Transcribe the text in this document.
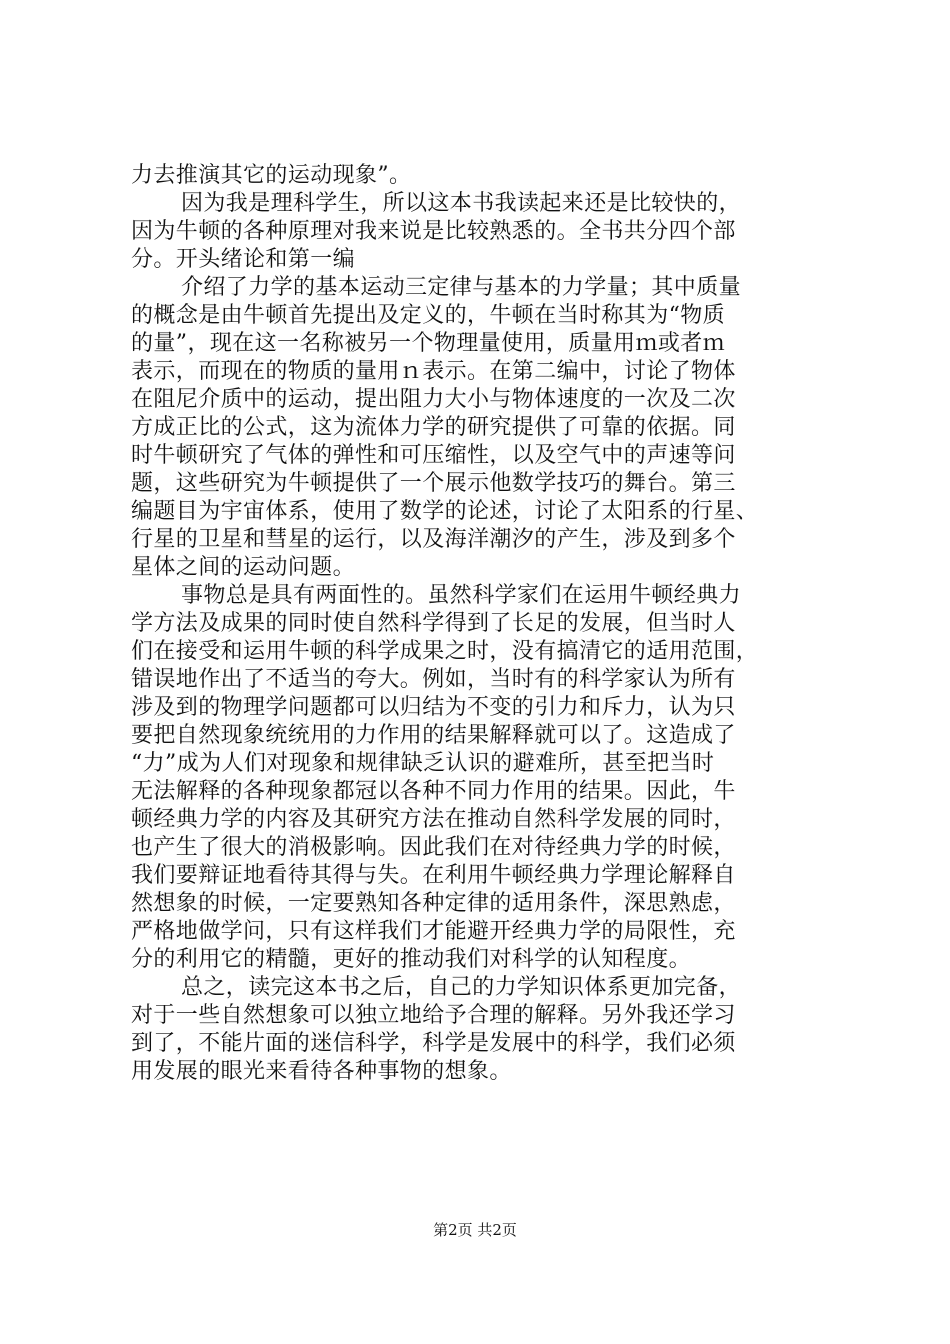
力去推演其它的运动现象”。
因为我是理科学生，所以这本书我读起来还是比较快的，
因为牛顿的各种原理对我来说是比较熟悉的。全书共分四个部
分。开头绪论和第一编
介绍了力学的基本运动三定律与基本的力学量；其中质量
的概念是由牛顿首先提出及定义的，牛顿在当时称其为“物质
的量”，现在这一名称被另一个物理量使用，质量用ｍ或者ｍ
表示，而现在的物质的量用ｎ表示。在第二编中，讨论了物体
在阻尼介质中的运动，提出阻力大小与物体速度的一次及二次
方成正比的公式，这为流体力学的研究提供了可靠的依据。同
时牛顿研究了气体的弹性和可压缩性，以及空气中的声速等问
题，这些研究为牛顿提供了一个展示他数学技巧的舞台。第三
编题目为宇宙体系，使用了数学的论述，讨论了太阳系的行星、
行星的卫星和彗星的运行，以及海洋潮汐的产生，涉及到多个
星体之间的运动问题。
事物总是具有两面性的。虽然科学家们在运用牛顿经典力
学方法及成果的同时使自然科学得到了长足的发展，但当时人
们在接受和运用牛顿的科学成果之时，没有搞清它的适用范围，
错误地作出了不适当的夸大。例如，当时有的科学家认为所有
涉及到的物理学问题都可以归结为不变的引力和斥力，认为只
要把自然现象统统用的力作用的结果解释就可以了。这造成了
“力”成为人们对现象和规律缺乏认识的避难所，甚至把当时
无法解释的各种现象都冠以各种不同力作用的结果。因此，牛
顿经典力学的内容及其研究方法在推动自然科学发展的同时，
也产生了很大的消极影响。因此我们在对待经典力学的时候，
我们要辩证地看待其得与失。在利用牛顿经典力学理论解释自
然想象的时候，一定要熟知各种定律的适用条件，深思熟虑，
严格地做学问，只有这样我们才能避开经典力学的局限性，充
分的利用它的精髓，更好的推动我们对科学的认知程度。
总之，读完这本书之后，自己的力学知识体系更加完备，
对于一些自然想象可以独立地给予合理的解释。另外我还学习
到了，不能片面的迷信科学，科学是发展中的科学，我们必须
用发展的眼光来看待各种事物的想象。
第2页 共2页
